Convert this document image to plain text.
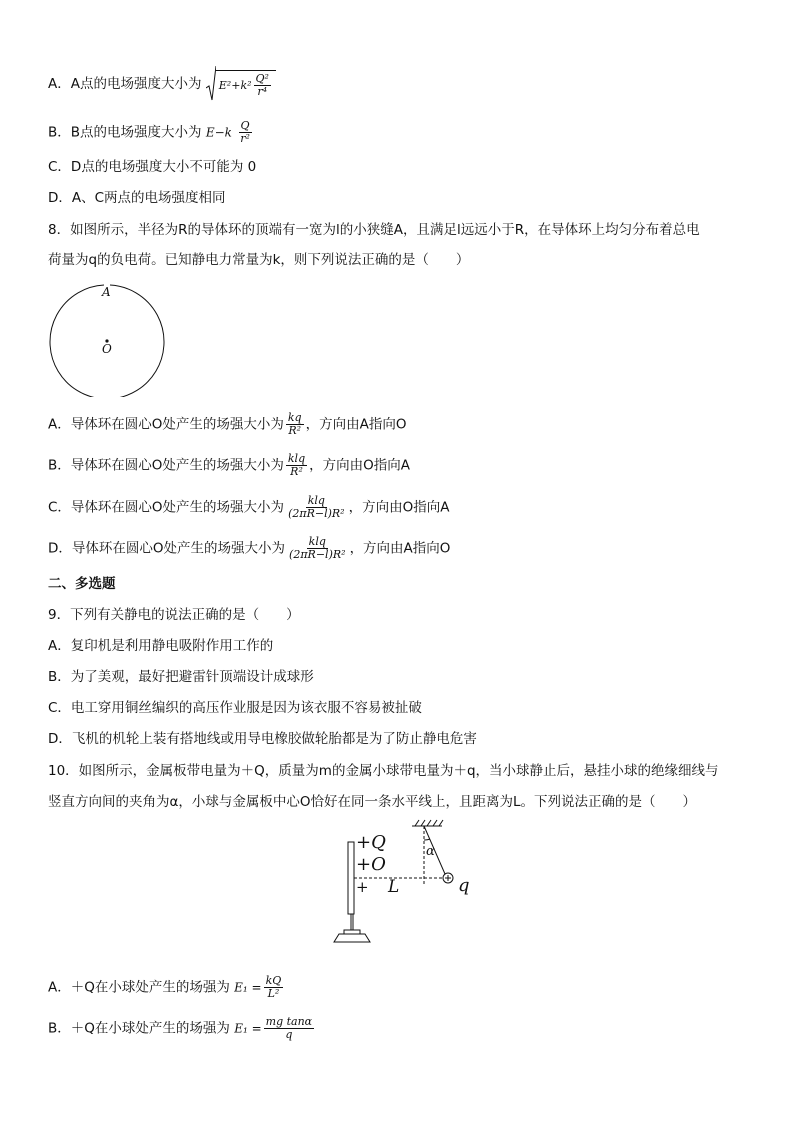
A．A点的电场强度大小为 $E^2+k^2 \frac{\text{Q²}}{\text{r⁴}}$
B．B点的电场强度大小为 $E-k \frac{Q}{\text{r²}}$
C．D点的电场强度大小不可能为 0
D．A、C两点的电场强度相同
8．如图所示，半径为R的导体环的顶端有一宽为l的小狭缝A，且满足l远远小于R，在导体环上均匀分布着总电
荷量为q的负电荷。已知静电力常量为k，则下列说法正确的是（　　）
A
O
A．导体环在圆心O处产生的场强大小为 $\frac{kq}{\text{R²}}$ ，方向由A指向O
B．导体环在圆心O处产生的场强大小为 $\frac{\text{klq}}{\text{R²}}$ ，方向由O指向A
C．导体环在圆心O处产生的场强大小为 $\frac{\text{klq}}{\text{(2πR−l)R²}}$ ，方向由O指向A
D．导体环在圆心O处产生的场强大小为 $\frac{\text{klq}}{\text{(2πR−l)R²}}$ ，方向由A指向O
二、多选题
9．下列有关静电的说法正确的是（　　）
A．复印机是利用静电吸附作用工作的
B．为了美观，最好把避雷针顶端设计成球形
C．电工穿用铜丝编织的高压作业服是因为该衣服不容易被扯破
D．飞机的机轮上装有搭地线或用导电橡胶做轮胎都是为了防止静电危害
10．如图所示，金属板带电量为＋Q，质量为m的金属小球带电量为＋q，当小球静止后，悬挂小球的绝缘细线与
竖直方向间的夹角为α，小球与金属板中心O恰好在同一条水平线上，且距离为L。下列说法正确的是（　　）
+Q
+O
+ L	q
α
A．＋Q在小球处产生的场强为 $E_1 = \frac{kQ}{\text{L²}}$
B．＋Q在小球处产生的场强为 $E_1 = \frac{\text{mg tanα}}{q}$
